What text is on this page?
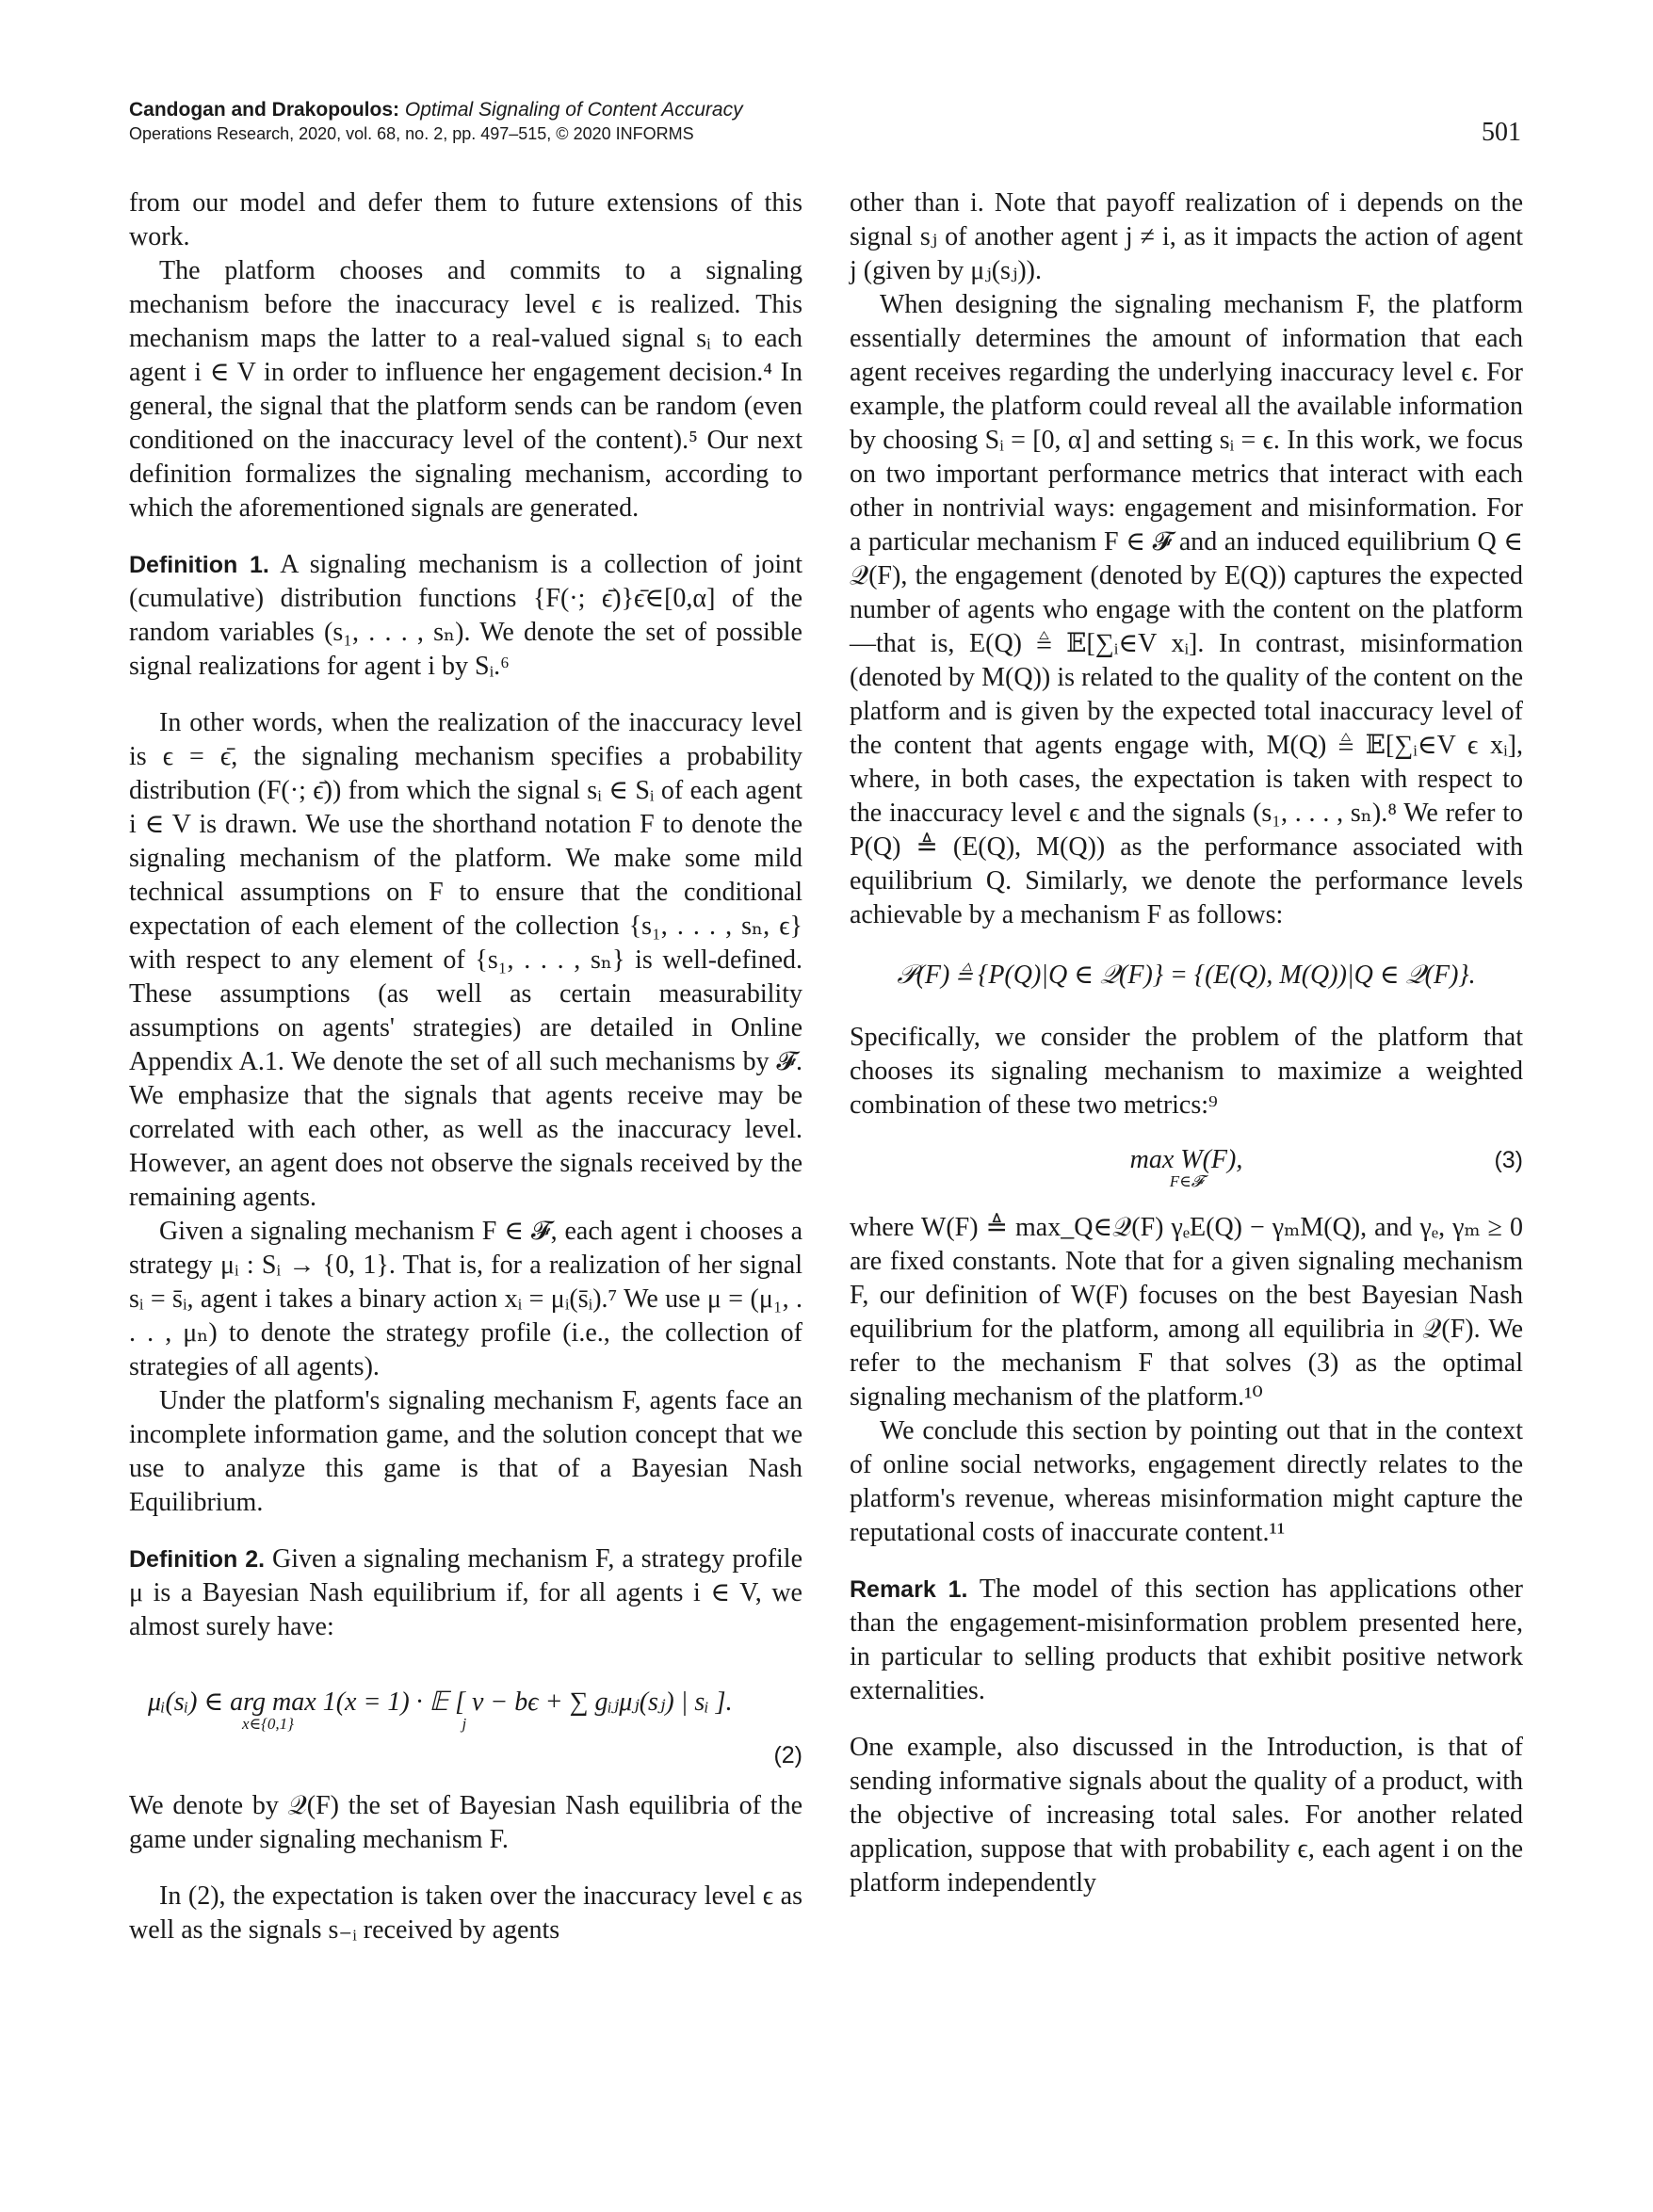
Candogan and Drakopoulos: Optimal Signaling of Content Accuracy
Operations Research, 2020, vol. 68, no. 2, pp. 497–515, © 2020 INFORMS	501

from our model and defer them to future extensions of this work.

The platform chooses and commits to a signaling mechanism before the inaccuracy level ϵ is realized. This mechanism maps the latter to a real-valued signal sᵢ to each agent i ∈ V in order to influence her engagement decision.⁴ In general, the signal that the platform sends can be random (even conditioned on the inaccuracy level of the content).⁵ Our next definition formalizes the signaling mechanism, according to which the aforementioned signals are generated.

Definition 1. A signaling mechanism is a collection of joint (cumulative) distribution functions {F(·; ϵ̄)}ϵ̄∈[0,α] of the random variables (s₁, . . . , sₙ). We denote the set of possible signal realizations for agent i by Sᵢ.⁶

In other words, when the realization of the inaccuracy level is ϵ = ϵ̄, the signaling mechanism specifies a probability distribution (F(·; ϵ̄)) from which the signal sᵢ ∈ Sᵢ of each agent i ∈ V is drawn. We use the shorthand notation F to denote the signaling mechanism of the platform. We make some mild technical assumptions on F to ensure that the conditional expectation of each element of the collection {s₁, . . . , sₙ, ϵ} with respect to any element of {s₁, . . . , sₙ} is well-defined. These assumptions (as well as certain measurability assumptions on agents' strategies) are detailed in Online Appendix A.1. We denote the set of all such mechanisms by 𝓕. We emphasize that the signals that agents receive may be correlated with each other, as well as the inaccuracy level. However, an agent does not observe the signals received by the remaining agents.

Given a signaling mechanism F ∈ 𝓕, each agent i chooses a strategy μᵢ : Sᵢ → {0, 1}. That is, for a realization of her signal sᵢ = s̄ᵢ, agent i takes a binary action xᵢ = μᵢ(s̄ᵢ).⁷ We use μ = (μ₁, . . . , μₙ) to denote the strategy profile (i.e., the collection of strategies of all agents).

Under the platform's signaling mechanism F, agents face an incomplete information game, and the solution concept that we use to analyze this game is that of a Bayesian Nash Equilibrium.

Definition 2. Given a signaling mechanism F, a strategy profile μ is a Bayesian Nash equilibrium if, for all agents i ∈ V, we almost surely have:

μᵢ(sᵢ) ∈ arg max 1(x = 1) · 𝔼 [ v − bϵ + ∑ gᵢⱼμⱼ(sⱼ) | sᵢ ].
x∈{0,1}                                          j
(2)

We denote by 𝒬(F) the set of Bayesian Nash equilibria of the game under signaling mechanism F.

In (2), the expectation is taken over the inaccuracy level ϵ as well as the signals s₋ᵢ received by agents

other than i. Note that payoff realization of i depends on the signal sⱼ of another agent j ≠ i, as it impacts the action of agent j (given by μⱼ(sⱼ)).

When designing the signaling mechanism F, the platform essentially determines the amount of information that each agent receives regarding the underlying inaccuracy level ϵ. For example, the platform could reveal all the available information by choosing Sᵢ = [0, α] and setting sᵢ = ϵ. In this work, we focus on two important performance metrics that interact with each other in nontrivial ways: engagement and misinformation. For a particular mechanism F ∈ 𝓕 and an induced equilibrium Q ∈ 𝒬(F), the engagement (denoted by E(Q)) captures the expected number of agents who engage with the content on the platform—that is, E(Q) ≜ 𝔼[∑ᵢ∈V xᵢ]. In contrast, misinformation (denoted by M(Q)) is related to the quality of the content on the platform and is given by the expected total inaccuracy level of the content that agents engage with, M(Q) ≜ 𝔼[∑ᵢ∈V ϵ xᵢ], where, in both cases, the expectation is taken with respect to the inaccuracy level ϵ and the signals (s₁, . . . , sₙ).⁸ We refer to P(Q) ≜ (E(Q), M(Q)) as the performance associated with equilibrium Q. Similarly, we denote the performance levels achievable by a mechanism F as follows:

𝒫(F) ≜ {P(Q)|Q ∈ 𝒬(F)} = {(E(Q), M(Q))|Q ∈ 𝒬(F)}.

Specifically, we consider the problem of the platform that chooses its signaling mechanism to maximize a weighted combination of these two metrics:⁹

max W(F),	(3)
F∈𝓕

where W(F) ≜ max_Q∈𝒬(F) γₑE(Q) − γₘM(Q), and γₑ, γₘ ≥ 0 are fixed constants. Note that for a given signaling mechanism F, our definition of W(F) focuses on the best Bayesian Nash equilibrium for the platform, among all equilibria in 𝒬(F). We refer to the mechanism F that solves (3) as the optimal signaling mechanism of the platform.¹⁰

We conclude this section by pointing out that in the context of online social networks, engagement directly relates to the platform's revenue, whereas misinformation might capture the reputational costs of inaccurate content.¹¹

Remark 1. The model of this section has applications other than the engagement-misinformation problem presented here, in particular to selling products that exhibit positive network externalities.

One example, also discussed in the Introduction, is that of sending informative signals about the quality of a product, with the objective of increasing total sales. For another related application, suppose that with probability ϵ, each agent i on the platform independently
